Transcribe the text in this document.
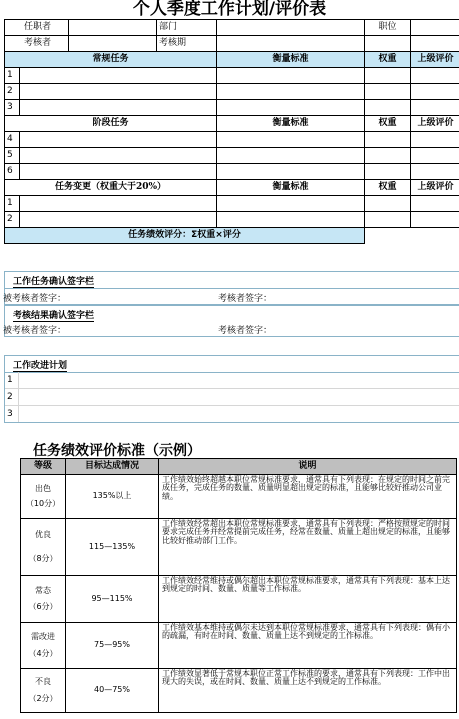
个人季度工作计划/评价表
任职者			部门		职位	
考核者			考核期			
常规任务				衡量标准	权重	上级评价
1						
2						
3						
阶段任务				衡量标准	权重	上级评价
4						
5						
6						
任务变更（权重大于20%）				衡量标准	权重	上级评价
1						
2						
任务绩效评分：Σ权重×评分						
工作任务确认签字栏
被考核者签字：	考核者签字：
考核结果确认签字栏
被考核者签字：	考核者签字：
工作改进计划
1
2
3
任务绩效评价标准（示例）
等级	目标达成情况	说明

出色
（10分）	135%以上	工作绩效始终超越本职位常规标准要求，通常具有下列表现：在规定的时间之前完成任务，完成任务的数量、质量明显超出规定的标准，且能够比较好推动公司业绩。

优良
（8分）	115—135%	工作绩效经常超出本职位常规标准要求，通常具有下列表现：严格按照规定的时间要求完成任务并经常提前完成任务，经常在数量、质量上超出规定的标准，且能够比较好推动部门工作。

常态
（6分）	95—115%	工作绩效经常维持或偶尔超出本职位常规标准要求，通常具有下列表现：基本上达到规定的时间、数量、质量等工作标准。

需改进
（4分）	75—95%	工作绩效基本维持或偶尔未达到本职位常规标准要求，通常具有下列表现：偶有小的疏漏，有时在时间、数量、质量上达不到规定的工作标准。

不良
（2分）	40—75%	工作绩效显著低于常规本职位正常工作标准的要求，通常具有下列表现：工作中出现大的失误，或在时间、数量、质量上达不到规定的工作标准。
